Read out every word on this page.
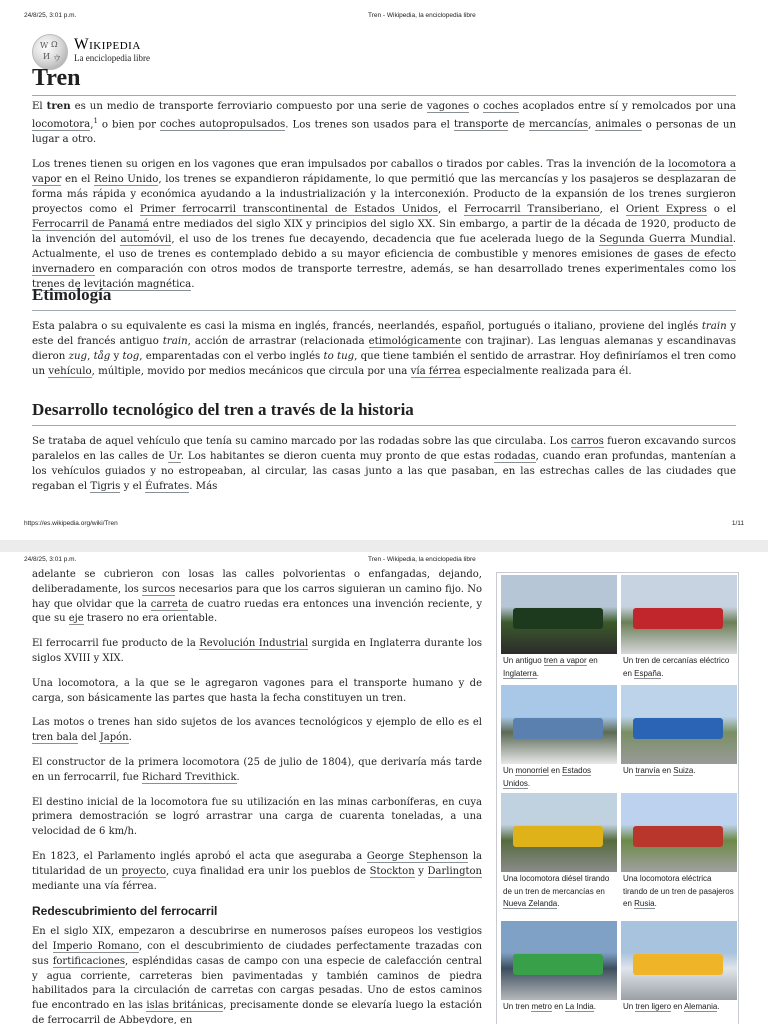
24/8/25, 3:01 p.m.	Tren - Wikipedia, la enciclopedia libre
W Ω
И ウ
Wikipedia
La enciclopedia libre
Tren

El tren es un medio de transporte ferroviario compuesto por una serie de vagones o coches acoplados entre sí y remolcados por una locomotora,$^1$ o bien por coches autopropulsados. Los trenes son usados para el transporte de mercancías, animales o personas de un lugar a otro.

Los trenes tienen su origen en los vagones que eran impulsados por caballos o tirados por cables. Tras la invención de la locomotora a vapor en el Reino Unido, los trenes se expandieron rápidamente, lo que permitió que las mercancías y los pasajeros se desplazaran de forma más rápida y económica ayudando a la industrialización y la interconexión. Producto de la expansión de los trenes surgieron proyectos como el Primer ferrocarril transcontinental de Estados Unidos, el Ferrocarril Transiberiano, el Orient Express o el Ferrocarril de Panamá entre mediados del siglo XIX y principios del siglo XX. Sin embargo, a partir de la década de 1920, producto de la invención del automóvil, el uso de los trenes fue decayendo, decadencia que fue acelerada luego de la Segunda Guerra Mundial. Actualmente, el uso de trenes es contemplado debido a su mayor eficiencia de combustible y menores emisiones de gases de efecto invernadero en comparación con otros modos de transporte terrestre, además, se han desarrollado trenes experimentales como los trenes de levitación magnética.

Etimología

Esta palabra o su equivalente es casi la misma en inglés, francés, neerlandés, español, portugués o italiano, proviene del inglés train y este del francés antiguo train, acción de arrastrar (relacionada etimológicamente con trajinar). Las lenguas alemanas y escandinavas dieron zug, tåg y tog, emparentadas con el verbo inglés to tug, que tiene también el sentido de arrastrar. Hoy definiríamos el tren como un vehículo, múltiple, movido por medios mecánicos que circula por una vía férrea especialmente realizada para él.

Desarrollo tecnológico del tren a través de la historia

Se trataba de aquel vehículo que tenía su camino marcado por las rodadas sobre las que circulaba. Los carros fueron excavando surcos paralelos en las calles de Ur. Los habitantes se dieron cuenta muy pronto de que estas rodadas, cuando eran profundas, mantenían a los vehículos guiados y no estropeaban, al circular, las casas junto a las que pasaban, en las estrechas calles de las ciudades que regaban el Tigris y el Éufrates. Más

https://es.wikipedia.org/wiki/Tren	1/11
24/8/25, 3:01 p.m.	Tren - Wikipedia, la enciclopedia libre

adelante se cubrieron con losas las calles polvorientas o enfangadas, dejando, deliberadamente, los surcos necesarios para que los carros siguieran un camino fijo. No hay que olvidar que la carreta de cuatro ruedas era entonces una invención reciente, y que su eje trasero no era orientable.

El ferrocarril fue producto de la Revolución Industrial surgida en Inglaterra durante los siglos XVIII y XIX.

Una locomotora, a la que se le agregaron vagones para el transporte humano y de carga, son básicamente las partes que hasta la fecha constituyen un tren.

Las motos o trenes han sido sujetos de los avances tecnológicos y ejemplo de ello es el tren bala del Japón.

El constructor de la primera locomotora (25 de julio de 1804), que derivaría más tarde en un ferrocarril, fue Richard Trevithick.

El destino inicial de la locomotora fue su utilización en las minas carboníferas, en cuya primera demostración se logró arrastrar una carga de cuarenta toneladas, a una velocidad de 6 km/h.

En 1823, el Parlamento inglés aprobó el acta que aseguraba a George Stephenson la titularidad de un proyecto, cuya finalidad era unir los pueblos de Stockton y Darlington mediante una vía férrea.

Redescubrimiento del ferrocarril

En el siglo XIX, empezaron a descubrirse en numerosos países europeos los vestigios del Imperio Romano, con el descubrimiento de ciudades perfectamente trazadas con sus fortificaciones, espléndidas casas de campo con una especie de calefacción central y agua corriente, carreteras bien pavimentadas y también caminos de piedra habilitados para la circulación de carretas con cargas pesadas. Uno de estos caminos fue encontrado en las islas británicas, precisamente donde se elevaría luego la estación de ferrocarril de Abbeydore, en

Un antiguo tren a vapor en Inglaterra.
Un tren de cercanías eléctrico en España.
Un monorriel en Estados Unidos.
Un tranvía en Suiza.
Una locomotora diésel tirando de un tren de mercancías en Nueva Zelanda.
Una locomotora eléctrica tirando de un tren de pasajeros en Rusia.
Un tren metro en La India.	Un tren ligero en Alemania.
